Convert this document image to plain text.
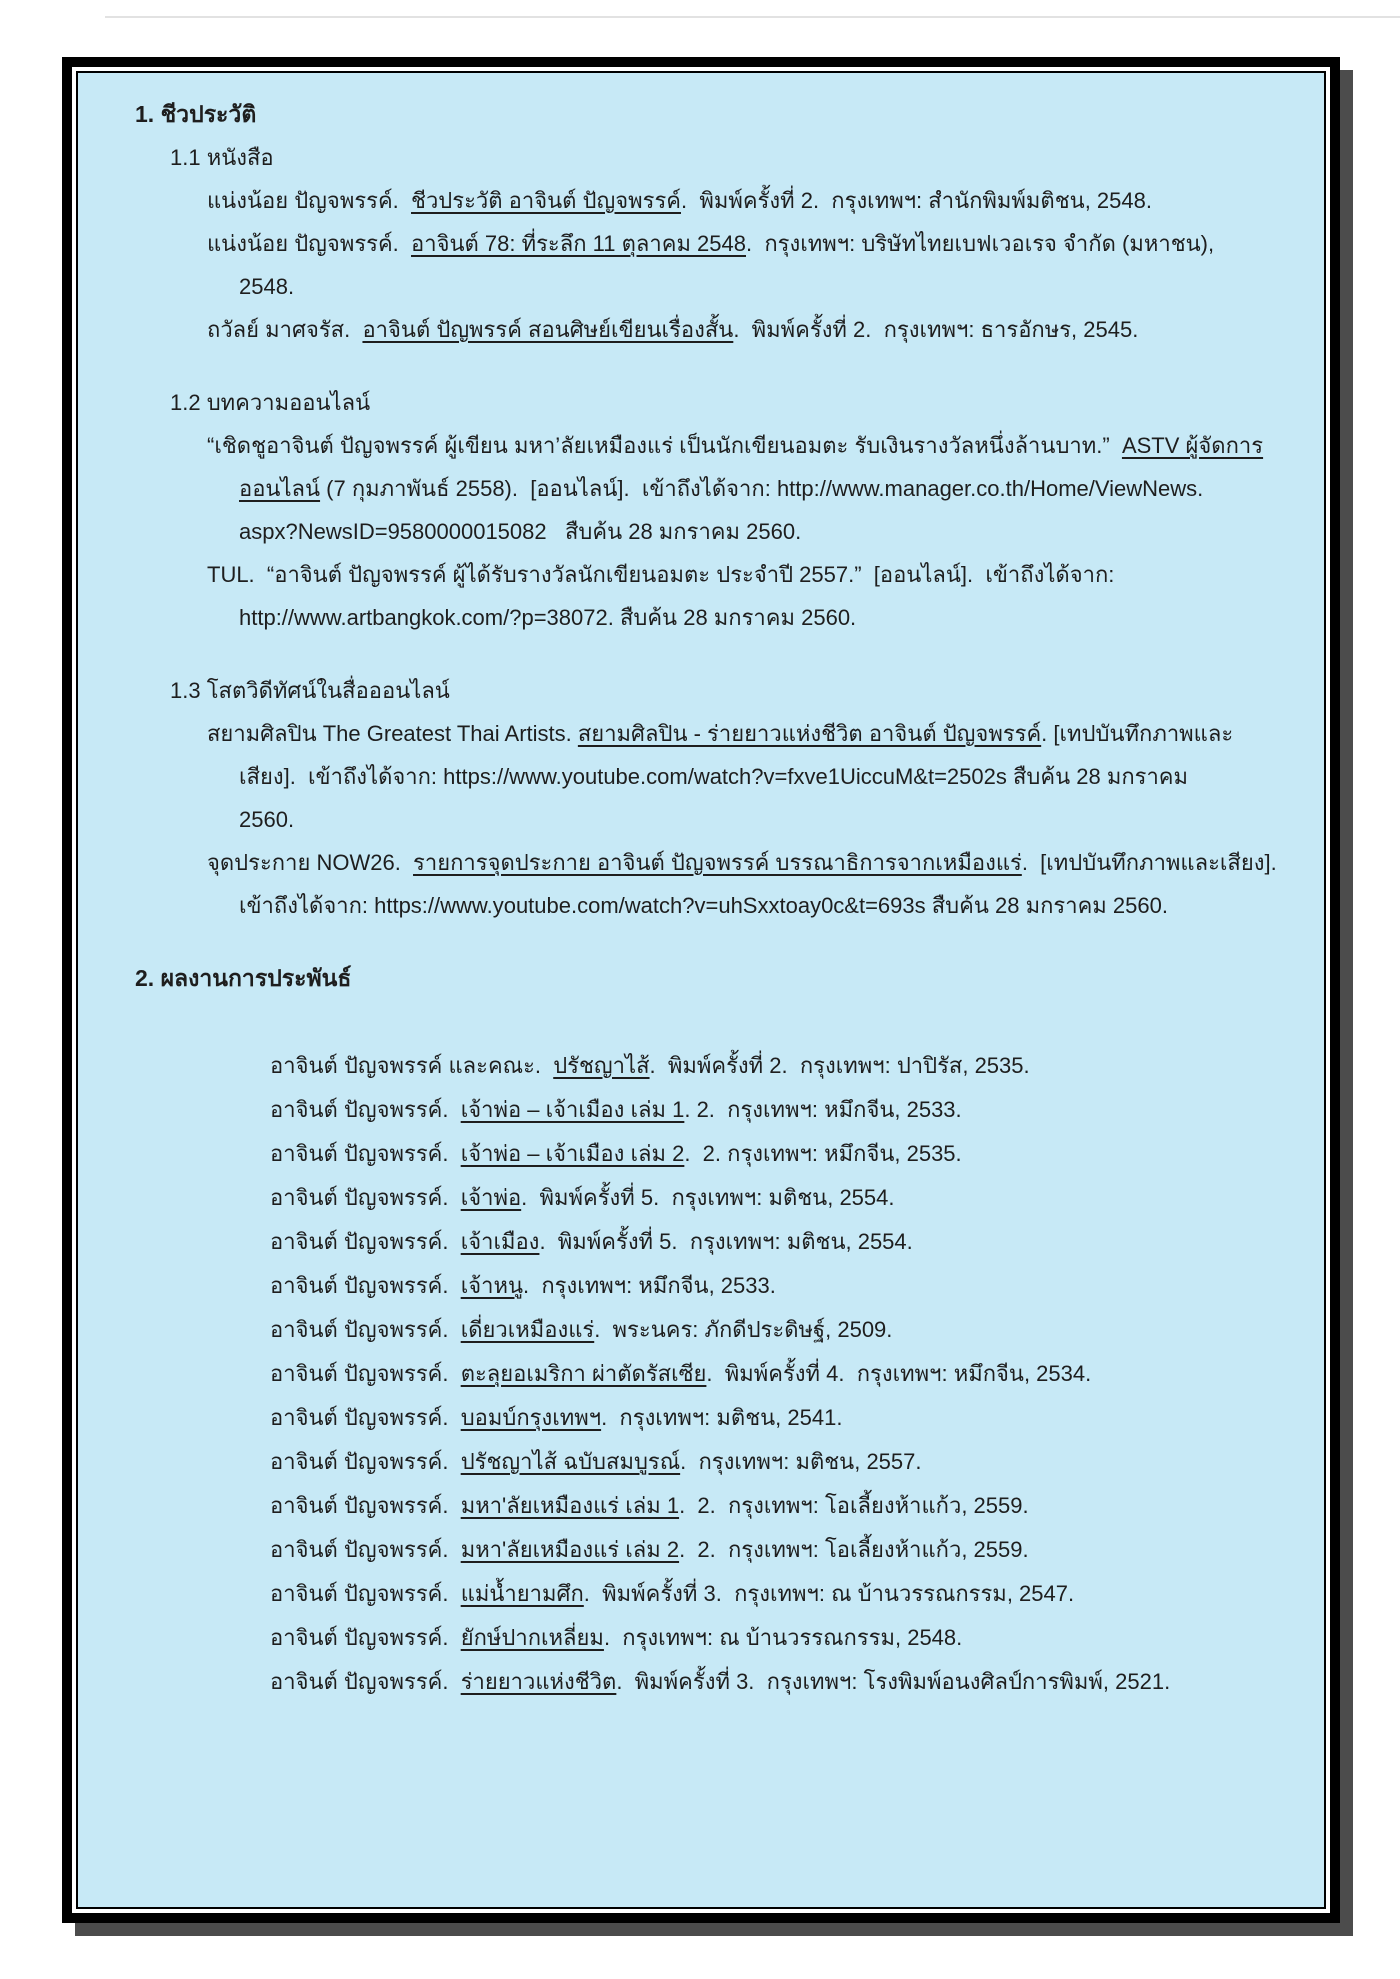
1. ชีวประวัติ
1.1 หนังสือ
แน่งน้อย ปัญจพรรค์.  ชีวประวัติ อาจินต์ ปัญจพรรค์.  พิมพ์ครั้งที่ 2.  กรุงเทพฯ: สำนักพิมพ์มติชน, 2548.
แน่งน้อย ปัญจพรรค์.  อาจินต์ 78: ที่ระลึก 11 ตุลาคม 2548.  กรุงเทพฯ: บริษัทไทยเบฟเวอเรจ จำกัด (มหาชน),
2548.
ถวัลย์ มาศจรัส.  อาจินต์ ปัญพรรค์ สอนศิษย์เขียนเรื่องสั้น.  พิมพ์ครั้งที่ 2.  กรุงเทพฯ: ธารอักษร, 2545.
1.2 บทความออนไลน์
“เชิดชูอาจินต์ ปัญจพรรค์ ผู้เขียน มหา’ลัยเหมืองแร่ เป็นนักเขียนอมตะ รับเงินรางวัลหนึ่งล้านบาท.”  ASTV ผู้จัดการ
ออนไลน์ (7 กุมภาพันธ์ 2558).  [ออนไลน์].  เข้าถึงได้จาก: http://www.manager.co.th/Home/ViewNews.
aspx?NewsID=9580000015082   สืบค้น 28 มกราคม 2560.
TUL.  “อาจินต์ ปัญจพรรค์ ผู้ได้รับรางวัลนักเขียนอมตะ ประจำปี 2557.”  [ออนไลน์].  เข้าถึงได้จาก:
http://www.artbangkok.com/?p=38072. สืบค้น 28 มกราคม 2560.
1.3 โสตวิดีทัศน์ในสื่อออนไลน์
สยามศิลปิน The Greatest Thai Artists. สยามศิลปิน - ร่ายยาวแห่งชีวิต อาจินต์ ปัญจพรรค์. [เทปบันทึกภาพและ
เสียง].  เข้าถึงได้จาก: https://www.youtube.com/watch?v=fxve1UiccuM&t=2502s สืบค้น 28 มกราคม
2560.
จุดประกาย NOW26.  รายการจุดประกาย อาจินต์ ปัญจพรรค์ บรรณาธิการจากเหมืองแร่.  [เทปบันทึกภาพและเสียง].
เข้าถึงได้จาก: https://www.youtube.com/watch?v=uhSxxtoay0c&t=693s สืบค้น 28 มกราคม 2560.
2. ผลงานการประพันธ์
อาจินต์ ปัญจพรรค์ และคณะ.  ปรัชญาไส้.  พิมพ์ครั้งที่ 2.  กรุงเทพฯ: ปาปิรัส, 2535.
อาจินต์ ปัญจพรรค์.  เจ้าพ่อ – เจ้าเมือง เล่ม 1. 2.  กรุงเทพฯ: หมึกจีน, 2533.
อาจินต์ ปัญจพรรค์.  เจ้าพ่อ – เจ้าเมือง เล่ม 2.  2. กรุงเทพฯ: หมึกจีน, 2535.
อาจินต์ ปัญจพรรค์.  เจ้าพ่อ.  พิมพ์ครั้งที่ 5.  กรุงเทพฯ: มติชน, 2554.
อาจินต์ ปัญจพรรค์.  เจ้าเมือง.  พิมพ์ครั้งที่ 5.  กรุงเทพฯ: มติชน, 2554.
อาจินต์ ปัญจพรรค์.  เจ้าหนู.  กรุงเทพฯ: หมึกจีน, 2533.
อาจินต์ ปัญจพรรค์.  เดี่ยวเหมืองแร่.  พระนคร: ภักดีประดิษฐ์, 2509.
อาจินต์ ปัญจพรรค์.  ตะลุยอเมริกา ผ่าตัดรัสเซีย.  พิมพ์ครั้งที่ 4.  กรุงเทพฯ: หมึกจีน, 2534.
อาจินต์ ปัญจพรรค์.  บอมบ์กรุงเทพฯ.  กรุงเทพฯ: มติชน, 2541.
อาจินต์ ปัญจพรรค์.  ปรัชญาไส้ ฉบับสมบูรณ์.  กรุงเทพฯ: มติชน, 2557.
อาจินต์ ปัญจพรรค์.  มหา'ลัยเหมืองแร่ เล่ม 1.  2.  กรุงเทพฯ: โอเลี้ยงห้าแก้ว, 2559.
อาจินต์ ปัญจพรรค์.  มหา'ลัยเหมืองแร่ เล่ม 2.  2.  กรุงเทพฯ: โอเลี้ยงห้าแก้ว, 2559.
อาจินต์ ปัญจพรรค์.  แม่น้ำยามศึก.  พิมพ์ครั้งที่ 3.  กรุงเทพฯ: ณ บ้านวรรณกรรม, 2547.
อาจินต์ ปัญจพรรค์.  ยักษ์ปากเหลี่ยม.  กรุงเทพฯ: ณ บ้านวรรณกรรม, 2548.
อาจินต์ ปัญจพรรค์.  ร่ายยาวแห่งชีวิต.  พิมพ์ครั้งที่ 3.  กรุงเทพฯ: โรงพิมพ์อนงศิลป์การพิมพ์, 2521.
